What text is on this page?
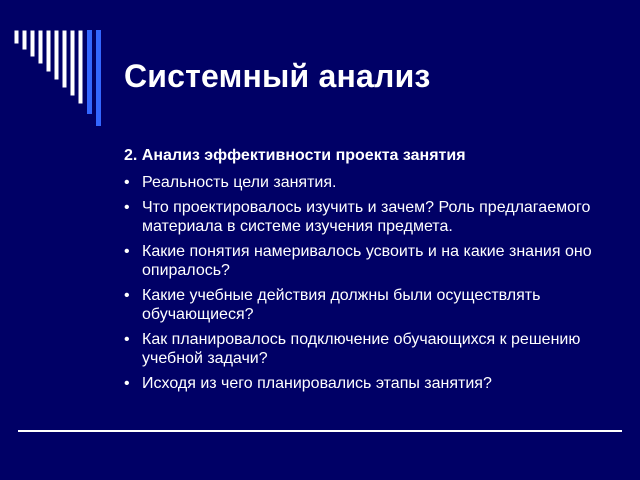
Системный анализ
2. Анализ эффективности проекта занятия
• Реальность цели занятия.
• Что проектировалось изучить и зачем? Роль предлагаемого материала в системе изучения предмета.
• Какие понятия намеривалось усвоить и на какие знания оно опиралось?
• Какие учебные действия должны были осуществлять обучающиеся?
• Как планировалось подключение обучающихся к решению учебной задачи?
• Исходя из чего планировались этапы занятия?
